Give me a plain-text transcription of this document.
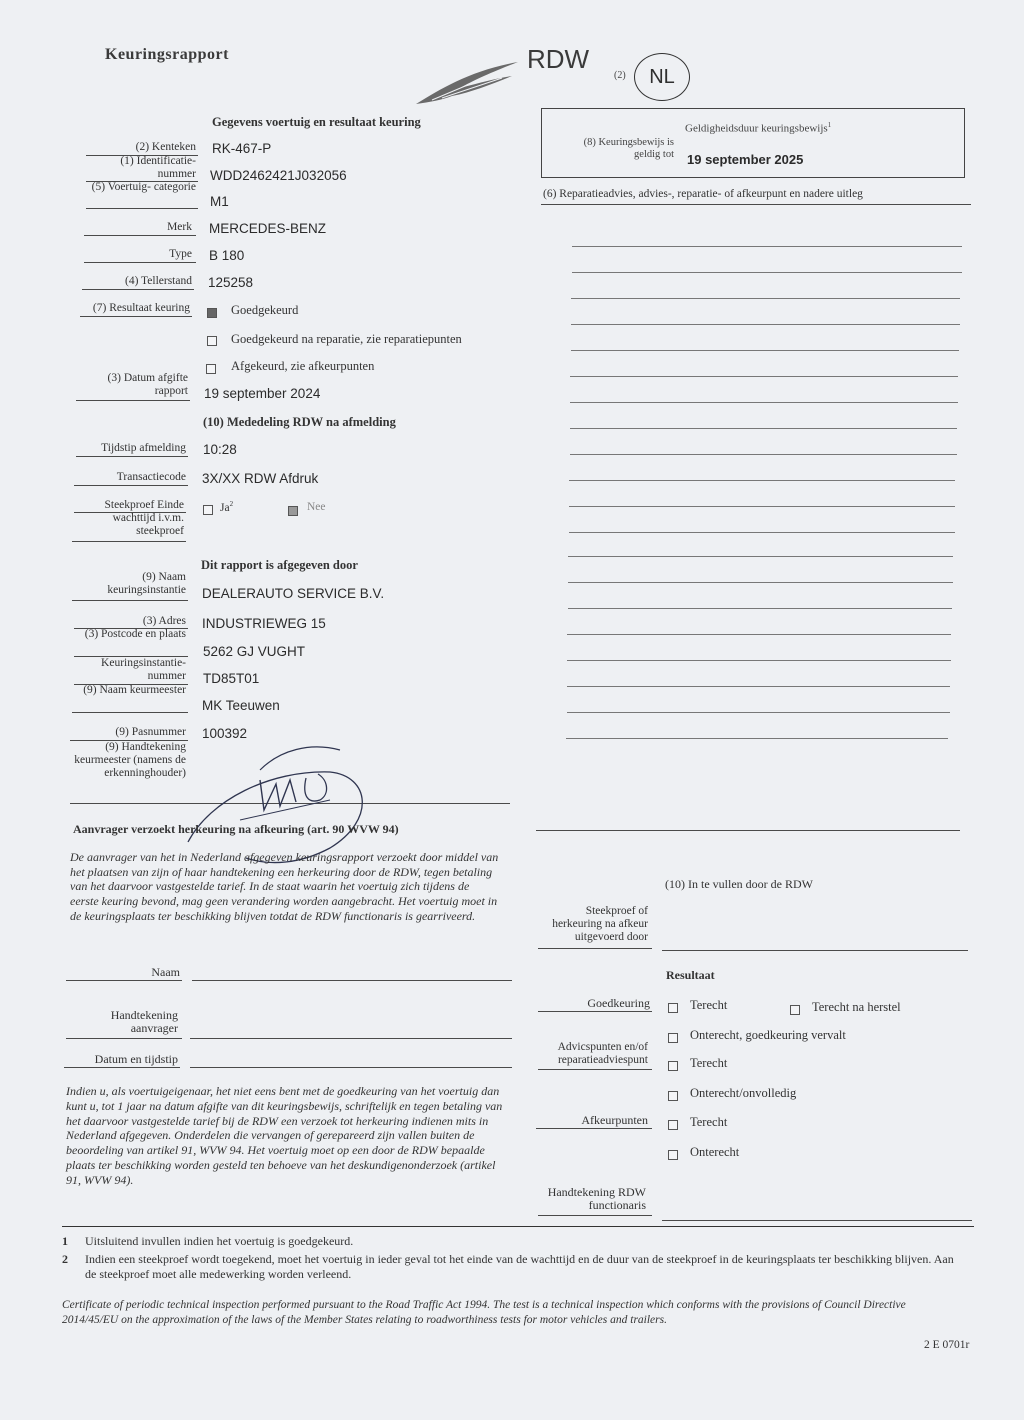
Keuringsrapport	RDW
(2)	NL
Geldigheidsduur keuringsbewijs$^1$
(8) Keuringsbewijs is geldig tot 19 september 2025
(6) Reparatieadvies, advies-, reparatie- of afkeurpunt en nadere uitleg
Gegevens voertuig en resultaat keuring
(2) Kenteken RK-467-P
(1) Identificatie- nummer WDD2462421J032056
(5) Voertuig- categorie
M1
Merk MERCEDES-BENZ
Type B 180
(4) Tellerstand 125258
(7) Resultaat keuring	Goedgekeurd
Goedgekeurd na reparatie, zie reparatiepunten
Afgekeurd, zie afkeurpunten
(3) Datum afgifte rapport 19 september 2024
(10) Mededeling RDW na afmelding
Tijdstip afmelding 10:28
Transactiecode 3X/XX RDW Afdruk
Steekproef Einde wachttijd i.v.m. steekproef
Ja$^2$	Nee
Dit rapport is afgegeven door
(9) Naam keuringsinstantie DEALERAUTO SERVICE B.V.
(3) Adres INDUSTRIEWEG 15
(3) Postcode en plaats
5262 GJ VUGHT
Keuringsinstantie- nummer TD85T01
(9) Naam keurmeester
MK Teeuwen
(9) Pasnummer 100392
(9) Handtekening keurmeester (namens de erkenninghouder)
Aanvrager verzoekt herkeuring na afkeuring (art. 90 WVW 94)
De aanvrager van het in Nederland afgegeven keuringsrapport verzoekt door middel van het plaatsen van zijn of haar handtekening een herkeuring door de RDW, tegen betaling van het daarvoor vastgestelde tarief. In de staat waarin het voertuig zich tijdens de eerste keuring bevond, mag geen verandering worden aangebracht. Het voertuig moet in de keuringsplaats ter beschikking blijven totdat de RDW functionaris is gearriveerd.
Naam
Handtekening aanvrager
Datum en tijdstip
Indien u, als voertuigeigenaar, het niet eens bent met de goedkeuring van het voertuig dan kunt u, tot 1 jaar na datum afgifte van dit keuringsbewijs, schriftelijk en tegen betaling van het daarvoor vastgestelde tarief bij de RDW een verzoek tot herkeuring indienen mits in Nederland afgegeven. Onderdelen die vervangen of gerepareerd zijn vallen buiten de beoordeling van artikel 91, WVW 94. Het voertuig moet op een door de RDW bepaalde plaats ter beschikking worden gesteld ten behoeve van het deskundigenonderzoek (artikel 91, WVW 94).
(10) In te vullen door de RDW
Steekproef of herkeuring na afkeur uitgevoerd door
Resultaat
Goedkeuring	Terecht	Terecht na herstel
Onterecht, goedkeuring vervalt
Advicspunten en/of reparatieadviespunt	Terecht
Onterecht/onvolledig
Afkeurpunten	Terecht
Onterecht
Handtekening RDW functionaris
1 Uitsluitend invullen indien het voertuig is goedgekeurd.
2 Indien een steekproef wordt toegekend, moet het voertuig in ieder geval tot het einde van de wachttijd en de duur van de steekproef in de keuringsplaats ter beschikking blijven. Aan de steekproef moet alle medewerking worden verleend.
Certificate of periodic technical inspection performed pursuant to the Road Traffic Act 1994. The test is a technical inspection which conforms with the provisions of Council Directive 2014/45/EU on the approximation of the laws of the Member States relating to roadworthiness tests for motor vehicles and trailers.
2 E 0701r
